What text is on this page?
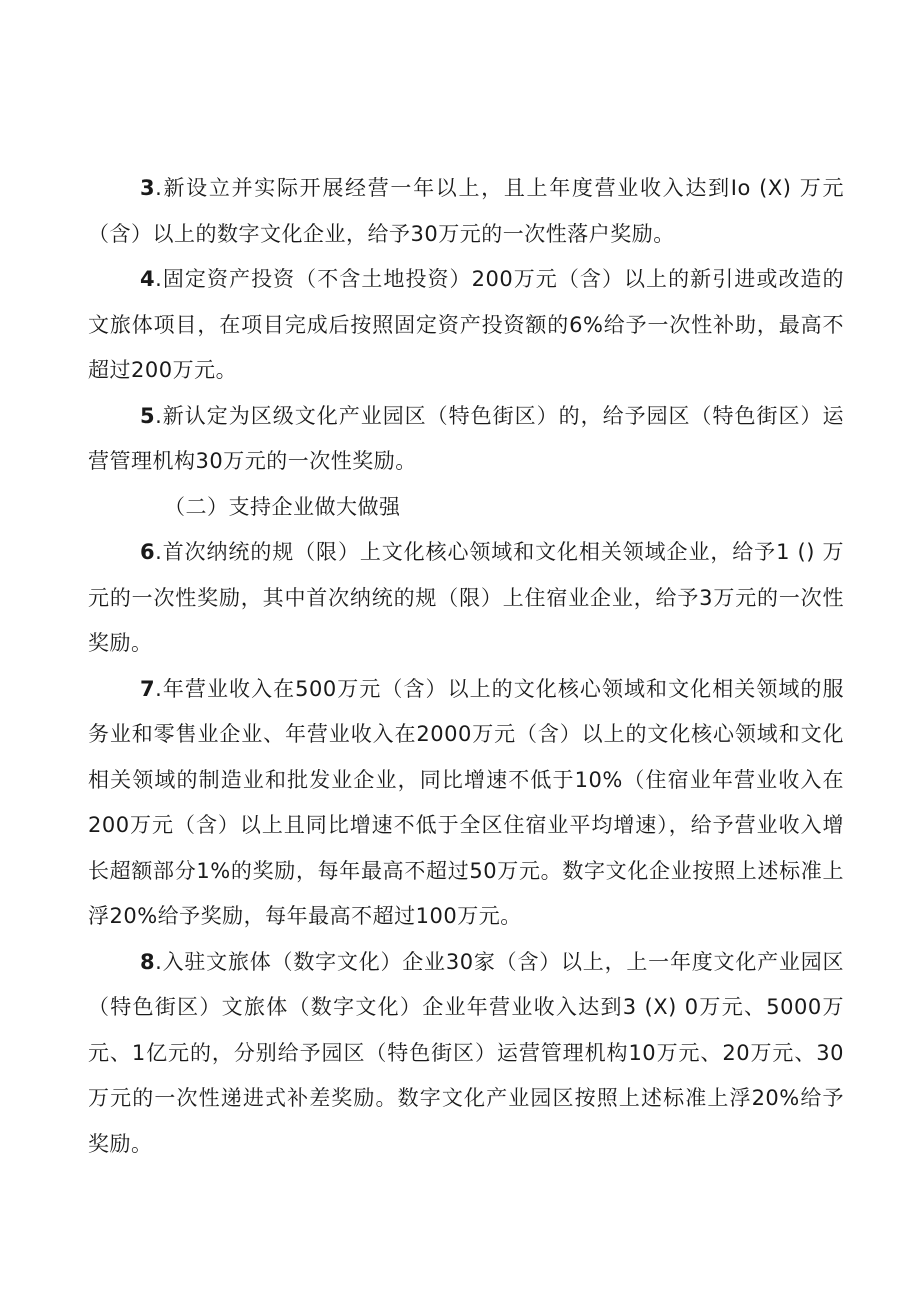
3.新设立并实际开展经营一年以上，且上年度营业收入达到Io (X) 万元（含）以上的数字文化企业，给予30万元的一次性落户奖励。

4.固定资产投资（不含土地投资）200万元（含）以上的新引进或改造的文旅体项目，在项目完成后按照固定资产投资额的6%给予一次性补助，最高不超过200万元。

5.新认定为区级文化产业园区（特色街区）的，给予园区（特色街区）运营管理机构30万元的一次性奖励。

（二）支持企业做大做强

6.首次纳统的规（限）上文化核心领域和文化相关领域企业，给予1 () 万元的一次性奖励，其中首次纳统的规（限）上住宿业企业，给予3万元的一次性奖励。

7.年营业收入在500万元（含）以上的文化核心领域和文化相关领域的服务业和零售业企业、年营业收入在2000万元（含）以上的文化核心领域和文化相关领域的制造业和批发业企业，同比增速不低于10%（住宿业年营业收入在200万元（含）以上且同比增速不低于全区住宿业平均增速），给予营业收入增长超额部分1%的奖励，每年最高不超过50万元。数字文化企业按照上述标准上浮20%给予奖励，每年最高不超过100万元。

8.入驻文旅体（数字文化）企业30家（含）以上，上一年度文化产业园区（特色街区）文旅体（数字文化）企业年营业收入达到3 (X) 0万元、5000万元、1亿元的，分别给予园区（特色街区）运营管理机构10万元、20万元、30万元的一次性递进式补差奖励。数字文化产业园区按照上述标准上浮20%给予奖励。
